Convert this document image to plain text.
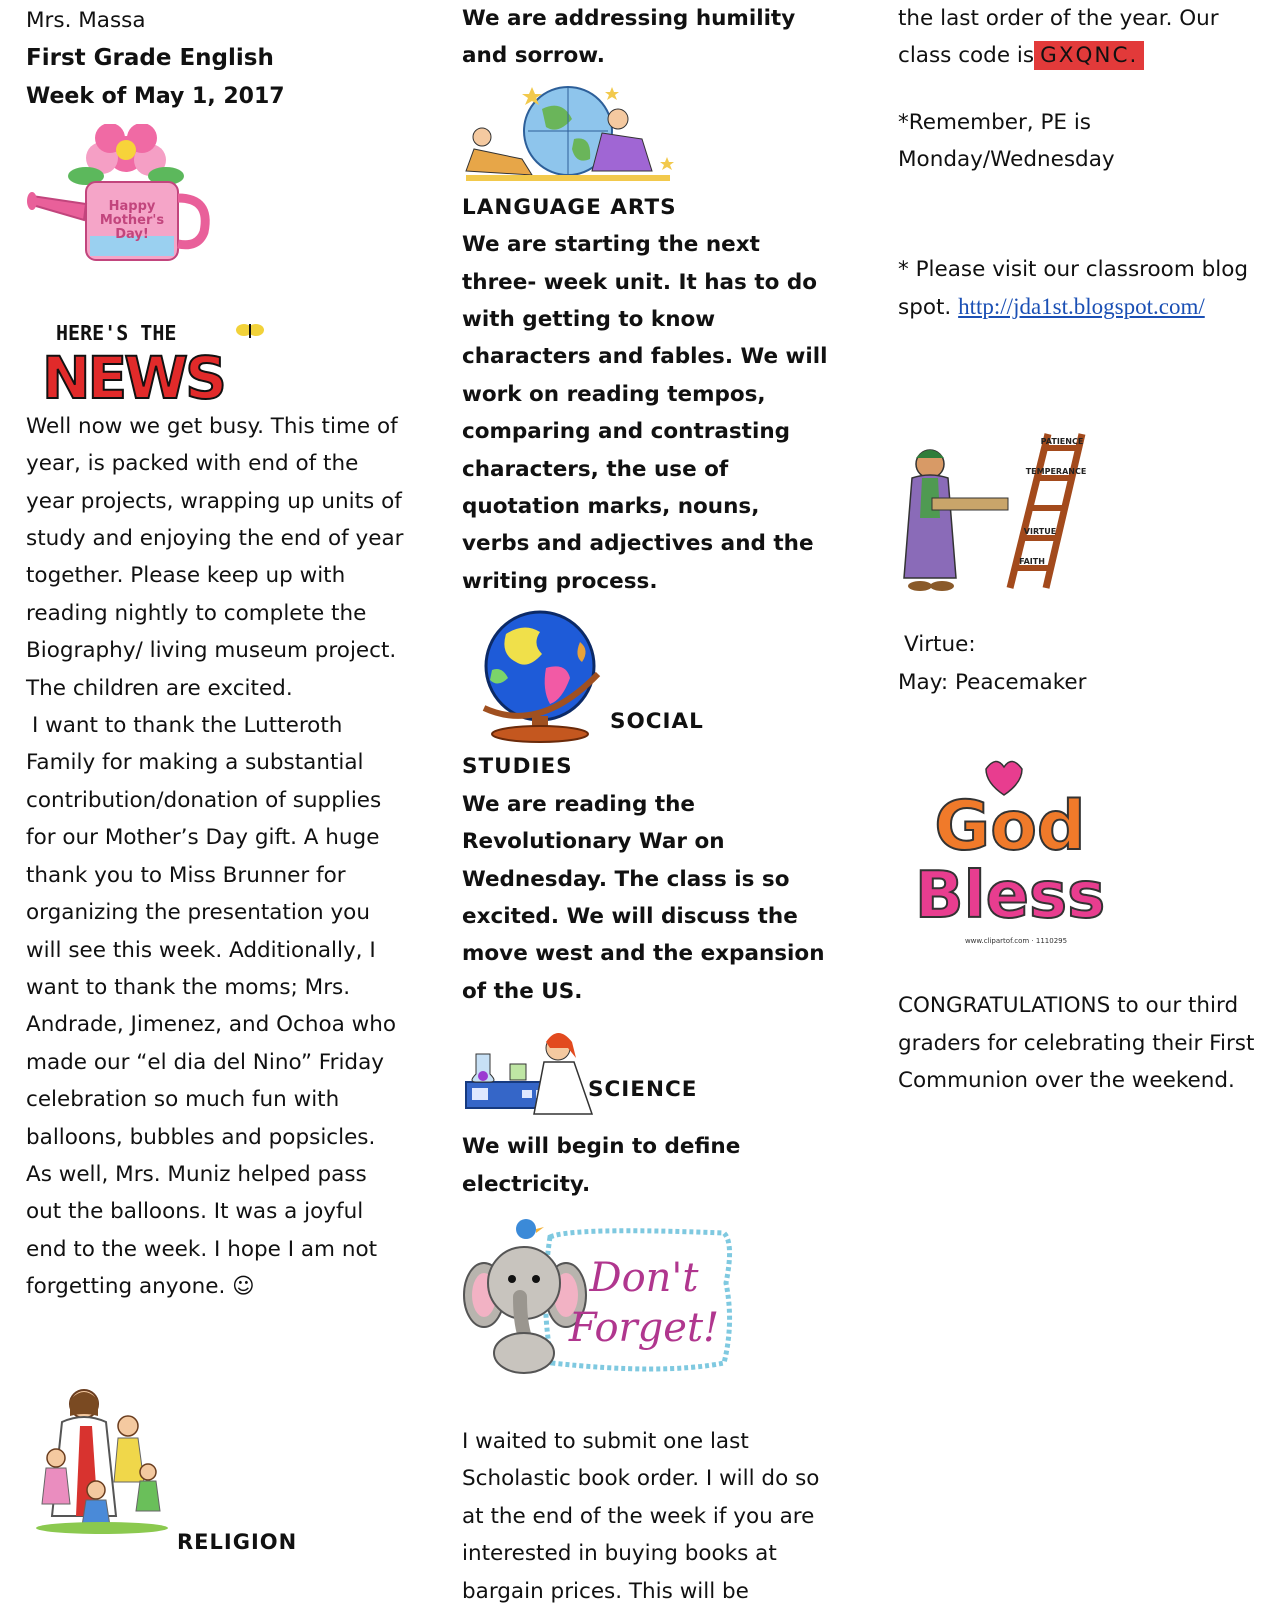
Mrs. Massa

First Grade English

Week of May 1, 2017

Happy
Mother's
Day!
HERE'S THE
NEWS

Well now we get busy. This time of year, is packed with end of the year projects, wrapping up units of study and enjoying the end of year together. Please keep up with reading nightly to complete the Biography/ living museum project. The children are excited.

I want to thank the Lutteroth Family for making a substantial contribution/donation of supplies for our Mother’s Day gift. A huge thank you to Miss Brunner for organizing the presentation you will see this week. Additionally, I want to thank the moms; Mrs. Andrade, Jimenez, and Ochoa who made our “el dia del Nino” Friday celebration so much fun with balloons, bubbles and popsicles. As well, Mrs. Muniz helped pass out the balloons. It was a joyful end to the week. I hope I am not forgetting anyone. ☺

RELIGION

We are addressing humility and sorrow.

LANGUAGE ARTS

We are starting the next three- week unit. It has to do with getting to know characters and fables. We will work on reading tempos, comparing and contrasting characters, the use of quotation marks, nouns, verbs and adjectives and the writing process.

SOCIAL

STUDIES

We are reading the Revolutionary War on Wednesday. The class is so excited. We will discuss the move west and the expansion of the US.

SCIENCE

We will begin to define electricity.

Don't
Forget!

I waited to submit one last Scholastic book order. I will do so at the end of the week if you are interested in buying books at bargain prices. This will be

the last order of the year. Our class code is GXQNC.

*Remember, PE is Monday/Wednesday

* Please visit our classroom blog spot. http://jda1st.blogspot.com/

PATIENCE
TEMPERANCE
VIRTUE
FAITH

Virtue:

May: Peacemaker

God
Bless
www.clipartof.com · 1110295

CONGRATULATIONS to our third graders for celebrating their First Communion over the weekend.
